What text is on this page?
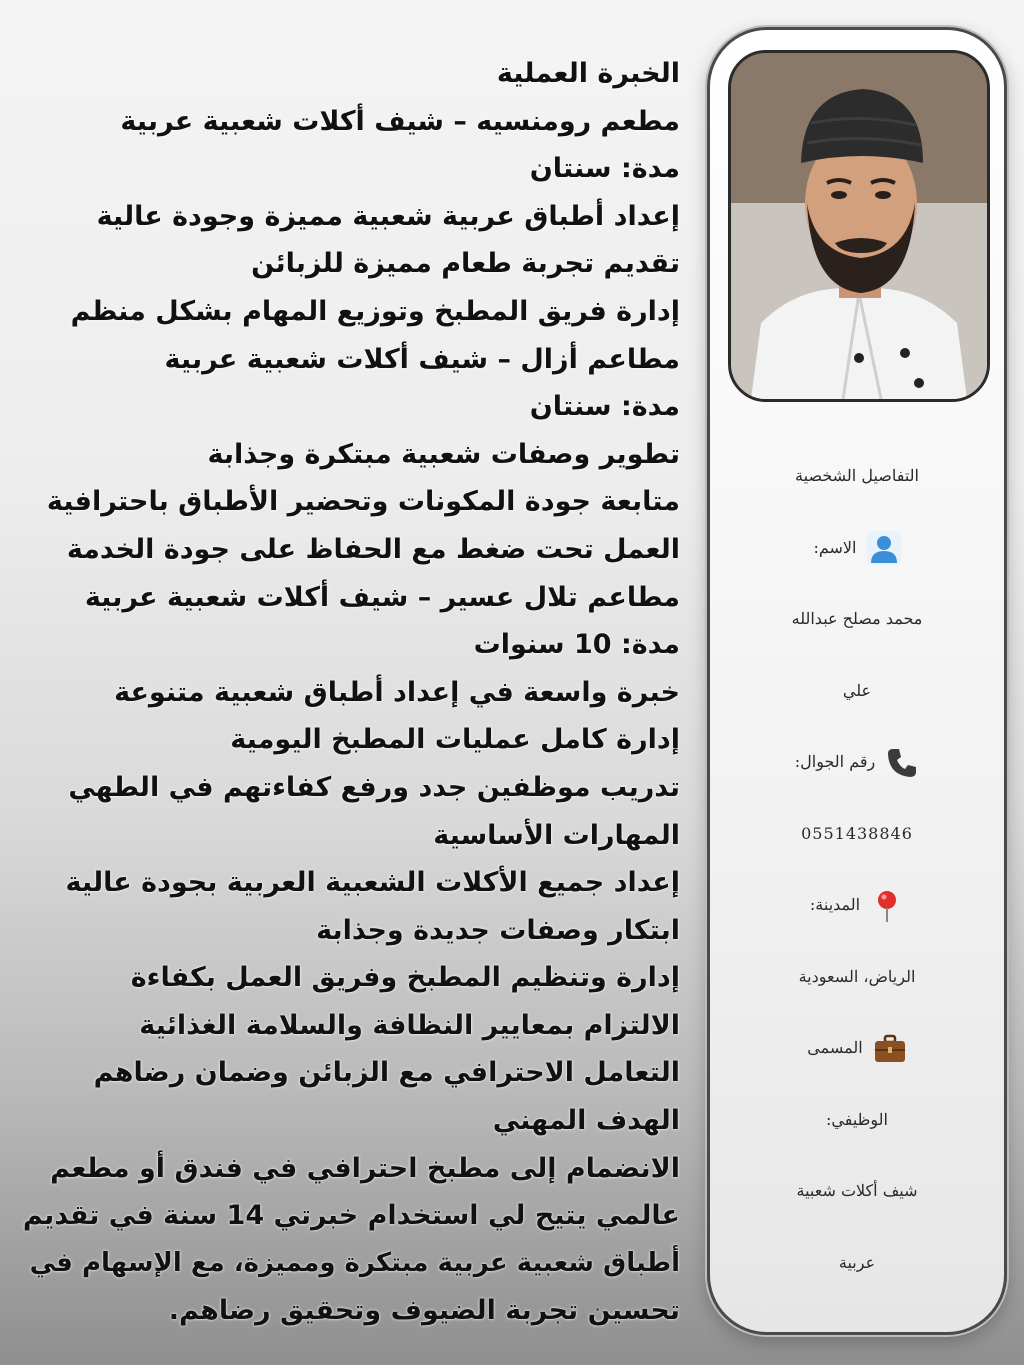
الخبرة العملية
مطعم رومنسيه – شيف أكلات شعبية عربية
مدة: سنتان
إعداد أطباق عربية شعبية مميزة وجودة عالية
تقديم تجربة طعام مميزة للزبائن
إدارة فريق المطبخ وتوزيع المهام بشكل منظم
مطاعم أزال – شيف أكلات شعبية عربية
مدة: سنتان
تطوير وصفات شعبية مبتكرة وجذابة
متابعة جودة المكونات وتحضير الأطباق باحترافية
العمل تحت ضغط مع الحفاظ على جودة الخدمة
مطاعم تلال عسير – شيف أكلات شعبية عربية
مدة: 10 سنوات
خبرة واسعة في إعداد أطباق شعبية متنوعة
إدارة كامل عمليات المطبخ اليومية
تدريب موظفين جدد ورفع كفاءتهم في الطهي
المهارات الأساسية
إعداد جميع الأكلات الشعبية العربية بجودة عالية
ابتكار وصفات جديدة وجذابة
إدارة وتنظيم المطبخ وفريق العمل بكفاءة
الالتزام بمعايير النظافة والسلامة الغذائية
التعامل الاحترافي مع الزبائن وضمان رضاهم
الهدف المهني
الانضمام إلى مطبخ احترافي في فندق أو مطعم
عالمي يتيح لي استخدام خبرتي 14 سنة في تقديم
أطباق شعبية عربية مبتكرة ومميزة، مع الإسهام في
تحسين تجربة الضيوف وتحقيق رضاهم.
التفاصيل الشخصية
الاسم:
محمد مصلح عبدالله
علي
رقم الجوال:
0551438846
المدينة:
الرياض، السعودية
المسمى
الوظيفي:
شيف أكلات شعبية
عربية
